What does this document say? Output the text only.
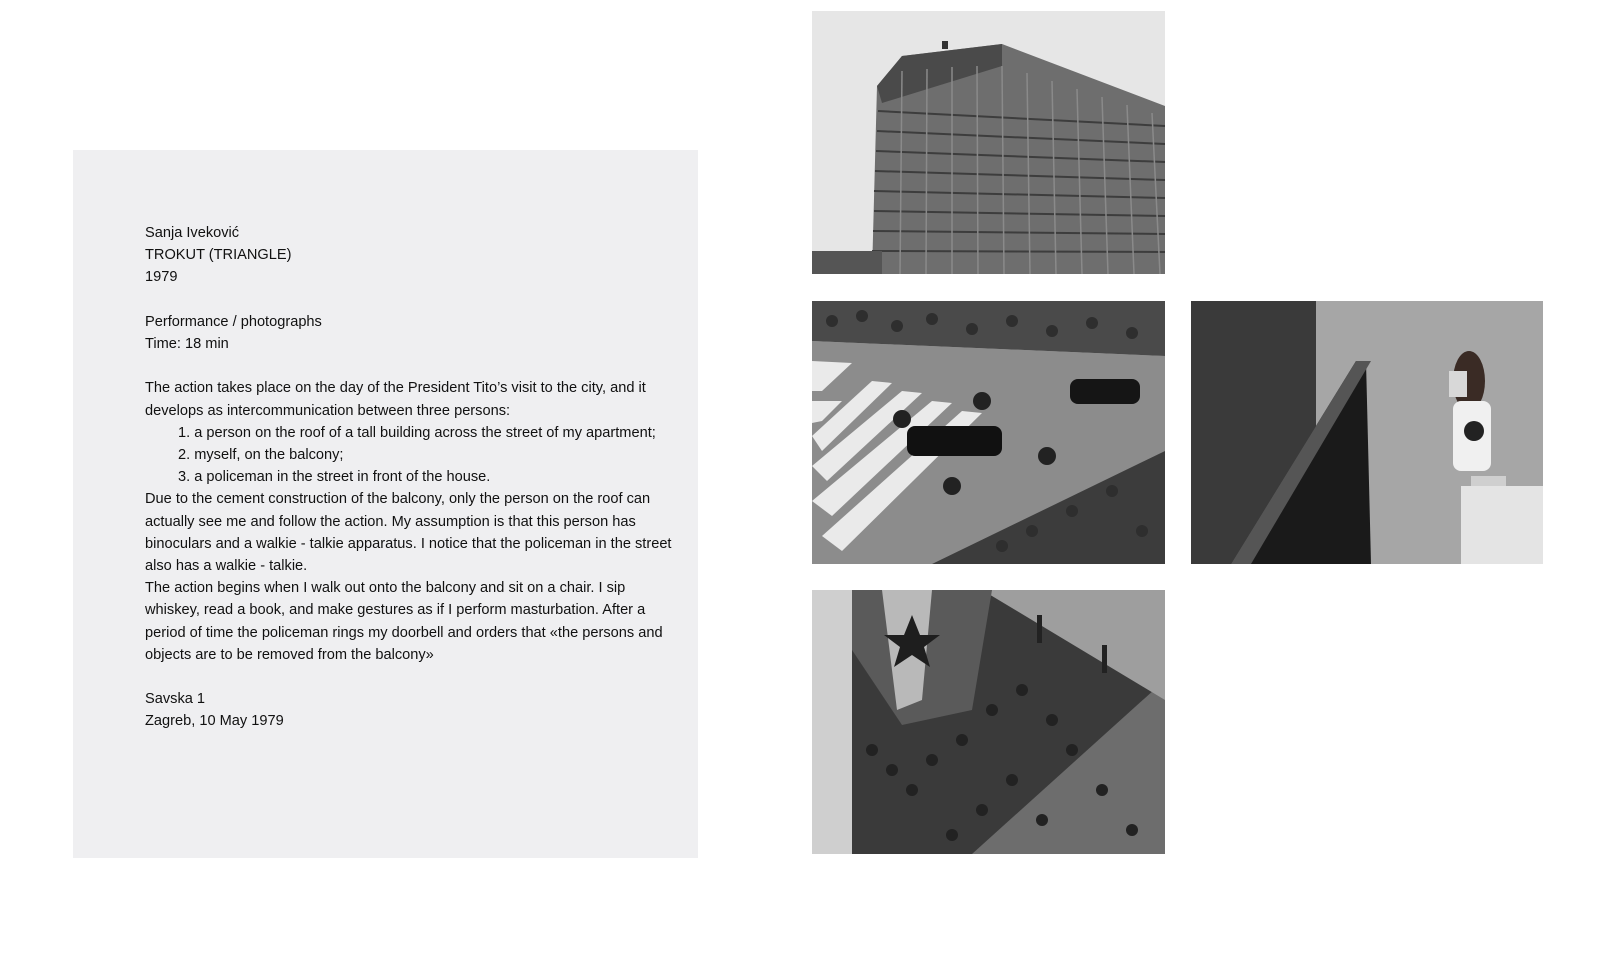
Sanja Iveković

TROKUT (TRIANGLE)

1979

Performance / photographs

Time: 18 min

The action takes place on the day of the President Tito’s visit to the city, and it develops as intercommunication between three persons:

1. a person on the roof of a tall building across the street of my apartment;
2. myself, on the balcony;
3. a policeman in the street in front of the house.

Due to the cement construction of the balcony, only the person on the roof can actually see me and follow the action. My assumption is that this person has binoculars and a walkie - talkie apparatus. I notice that the policeman in the street also has a walkie - talkie.

The action begins when I walk out onto the balcony and sit on a chair. I sip whiskey, read a book, and make gestures as if I perform masturbation. After a period of time the policeman rings my doorbell and orders that «the persons and objects are to be removed from the balcony»

Savska 1

Zagreb, 10 May 1979
